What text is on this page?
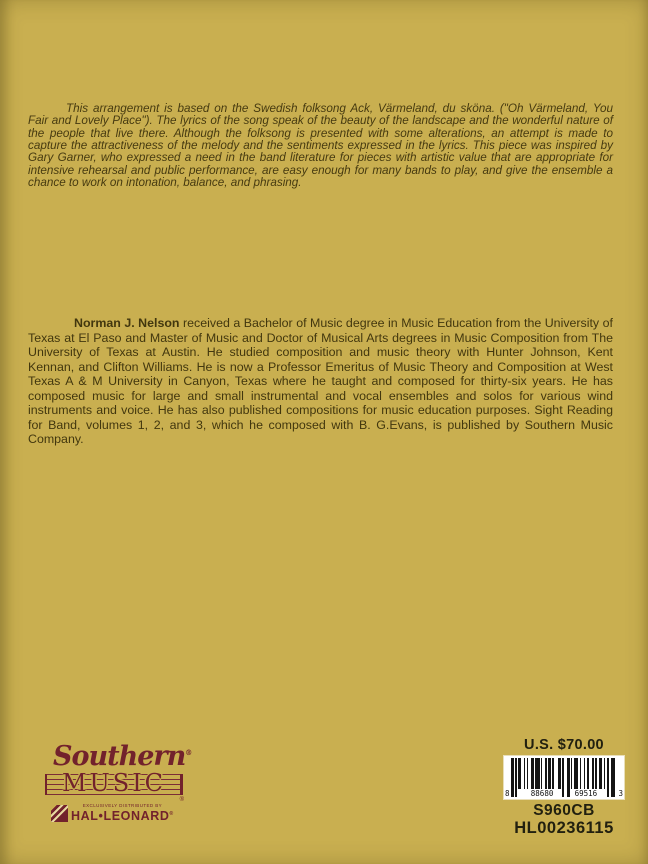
This arrangement is based on the Swedish folksong Ack, Värmeland, du sköna. ("Oh Värmeland, You Fair and Lovely Place"). The lyrics of the song speak of the beauty of the landscape and the wonderful nature of the people that live there. Although the folksong is presented with some alterations, an attempt is made to capture the attractiveness of the melody and the sentiments expressed in the lyrics. This piece was inspired by Gary Garner, who expressed a need in the band literature for pieces with artistic value that are appropriate for intensive rehearsal and public performance, are easy enough for many bands to play, and give the ensemble a chance to work on intonation, balance, and phrasing.

Norman J. Nelson received a Bachelor of Music degree in Music Education from the University of Texas at El Paso and Master of Music and Doctor of Musical Arts degrees in Music Composition from The University of Texas at Austin. He studied composition and music theory with Hunter Johnson, Kent Kennan, and Clifton Williams. He is now a Professor Emeritus of Music Theory and Composition at West Texas A & M University in Canyon, Texas where he taught and composed for thirty-six years. He has composed music for large and small instrumental and vocal ensembles and solos for various wind instruments and voice. He has also published compositions for music education purposes. Sight Reading for Band, volumes 1, 2, and 3, which he composed with B. G.Evans, is published by Southern Music Company.

Southern®
MUSIC
®
EXCLUSIVELY DISTRIBUTED BY
HAL•LEONARD®
U.S. $70.00
8	88680	69516	3
S960CB
HL00236115
